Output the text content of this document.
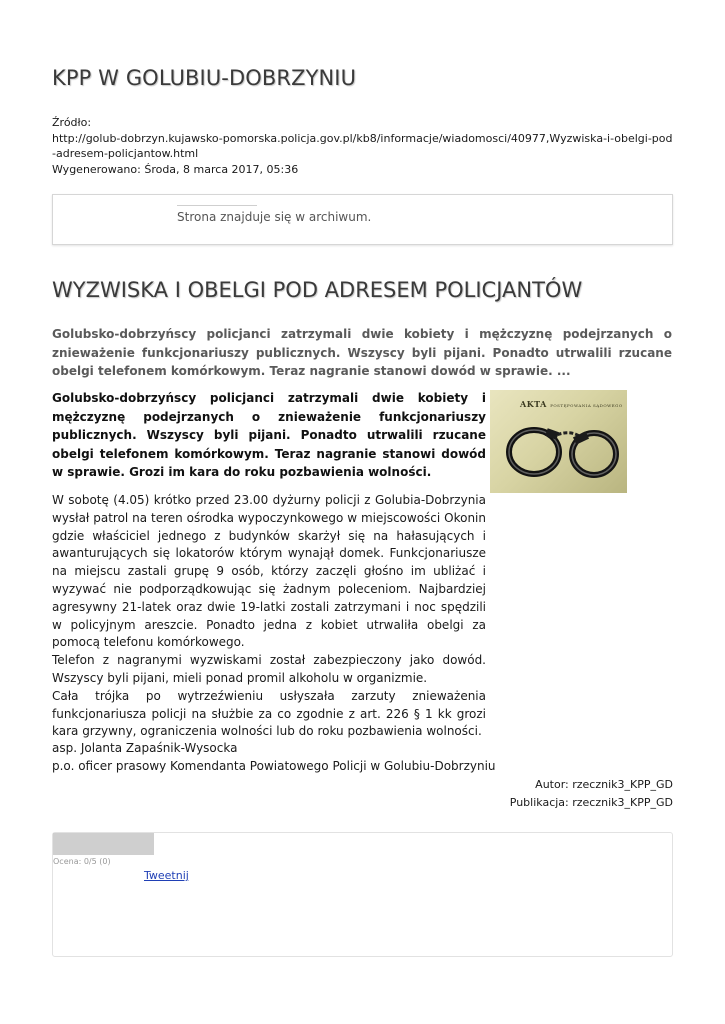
KPP W GOLUBIU-DOBRZYNIU
Źródło:
http://golub-dobrzyn.kujawsko-pomorska.policja.gov.pl/kb8/informacje/wiadomosci/40977,Wyzwiska-i-obelgi-pod-adresem-policjantow.html
Wygenerowano: Środa, 8 marca 2017, 05:36
Strona znajduje się w archiwum.
WYZWISKA I OBELGI POD ADRESEM POLICJANTÓW

Golubsko-dobrzyńscy policjanci zatrzymali dwie kobiety i mężczyznę podejrzanych o znieważenie funkcjonariuszy publicznych. Wszyscy byli pijani. Ponadto utrwalili rzucane obelgi telefonem komórkowym. Teraz nagranie stanowi dowód w sprawie. ...

AKTA POSTĘPOWANIA SĄDOWEGO

Golubsko-dobrzyńscy policjanci zatrzymali dwie kobiety i mężczyznę podejrzanych o znieważenie funkcjonariuszy publicznych. Wszyscy byli pijani. Ponadto utrwalili rzucane obelgi telefonem komórkowym. Teraz nagranie stanowi dowód w sprawie. Grozi im kara do roku pozbawienia wolności.

W sobotę (4.05) krótko przed 23.00 dyżurny policji z Golubia-Dobrzynia wysłał patrol na teren ośrodka wypoczynkowego w miejscowości Okonin gdzie właściciel jednego z budynków skarżył się na hałasujących i awanturujących się lokatorów którym wynajął domek. Funkcjonariusze na miejscu zastali grupę 9 osób, którzy zaczęli głośno im ubliżać i wyzywać nie podporządkowując się żadnym poleceniom. Najbardziej agresywny 21-latek oraz dwie 19-latki zostali zatrzymani i noc spędzili w policyjnym areszcie. Ponadto jedna z kobiet utrwaliła obelgi za pomocą telefonu komórkowego.

Telefon z nagranymi wyzwiskami został zabezpieczony jako dowód. Wszyscy byli pijani, mieli ponad promil alkoholu w organizmie.

Cała trójka po wytrzeźwieniu usłyszała zarzuty znieważenia funkcjonariusza policji na służbie za co zgodnie z art. 226 § 1 kk grozi kara grzywny, ograniczenia wolności lub do roku pozbawienia wolności.

asp. Jolanta Zapaśnik-Wysocka
p.o. oficer prasowy Komendanta Powiatowego Policji w Golubiu-Dobrzyniu
Autor: rzecznik3_KPP_GD
Publikacja: rzecznik3_KPP_GD
Ocena: 0/5 (0)
Tweetnij
